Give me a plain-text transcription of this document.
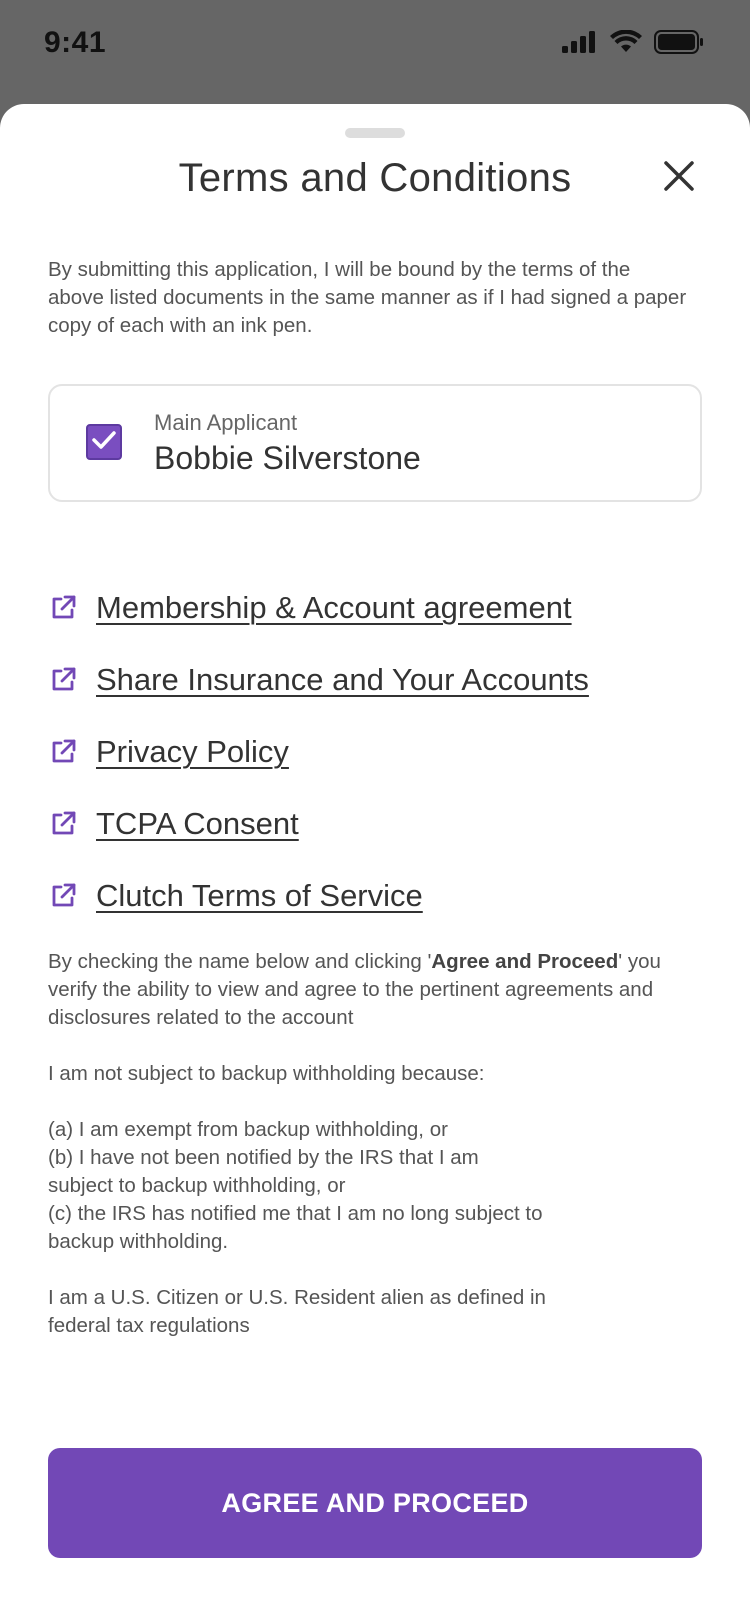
9:41
Terms and Conditions

By submitting this application, I will be bound by the terms of the above listed documents in the same manner as if I had signed a paper copy of each with an ink pen.

Main Applicant
Bobbie Silverstone
Membership & Account agreement
Share Insurance and Your Accounts
Privacy Policy
TCPA Consent
Clutch Terms of Service

By checking the name below and clicking 'Agree and Proceed' you verify the ability to view and agree to the pertinent agreements and disclosures related to the account

I am not subject to backup withholding because:

(a) I am exempt from backup withholding, or
(b) I have not been notified by the IRS that I am subject to backup withholding, or
(c) the IRS has notified me that I am no long subject to backup withholding.

I am a U.S. Citizen or U.S. Resident alien as defined in federal tax regulations

AGREE AND PROCEED
